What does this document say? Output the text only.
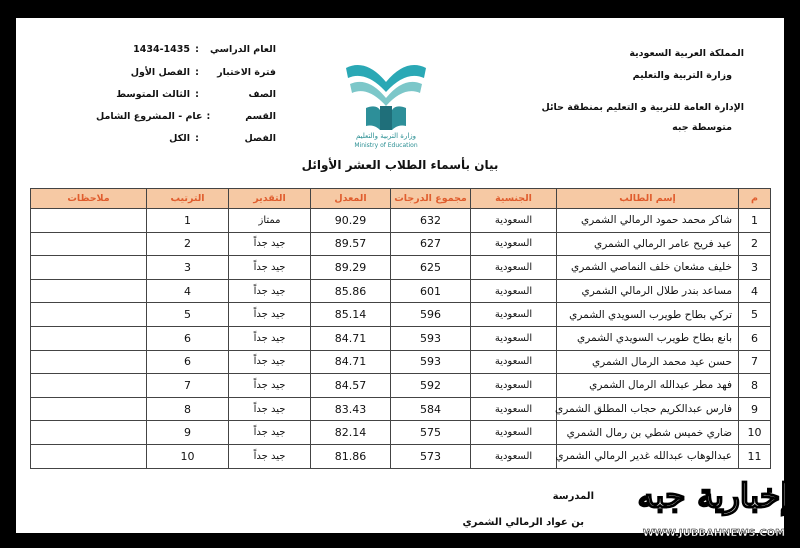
المملكة العربية السعودية
وزارة التربية والتعليم
الإدارة العامة للتربية و التعليم بمنطقة حائل
متوسطة جبه
العام الدراسي
:
1434-1435
فترة الاختبار
:
الفصل الأول
الصف
:
الثالث المتوسط
القسم
:
عام - المشروع الشامل
الفصل
:
الكل	وزارة التربية والتعليم
Ministry of Education
بيان بأسماء الطلاب العشر الأوائل
م	إسم الطالب	الجنسية	مجموع الدرجات	المعدل	التقدير	الترتيب	ملاحظات
1	شاكر محمد حمود الرمالي الشمري	السعودية	632	90.29	ممتاز	1	
2	عيد فريح عامر الرمالي الشمري	السعودية	627	89.57	جيد جداً	2	
3	خليف مشعان خلف النماصي الشمري	السعودية	625	89.29	جيد جداً	3	
4	مساعد بندر طلال الرمالي الشمري	السعودية	601	85.86	جيد جداً	4	
5	تركي بطاح طويرب السويدي الشمري	السعودية	596	85.14	جيد جداً	5	
6	بانع بطاح طويرب السويدي الشمري	السعودية	593	84.71	جيد جداً	6	
7	حسن عيد محمد الرمال الشمري	السعودية	593	84.71	جيد جداً	6	
8	فهد مطر عبدالله الرمال الشمري	السعودية	592	84.57	جيد جداً	7	
9	فارس عبدالكريم حجاب المطلق الشمري	السعودية	584	83.43	جيد جداً	8	
10	ضاري خميس شطي بن رمال الشمري	السعودية	575	82.14	جيد جداً	9	
11	عبدالوهاب عبدالله غدير الرمالي الشمري	السعودية	573	81.86	جيد جداً	10	
المدرسة
بن عواد الرمالي الشمري
إخبارية جبه
WWW.JUBBAHNEWS.COM
